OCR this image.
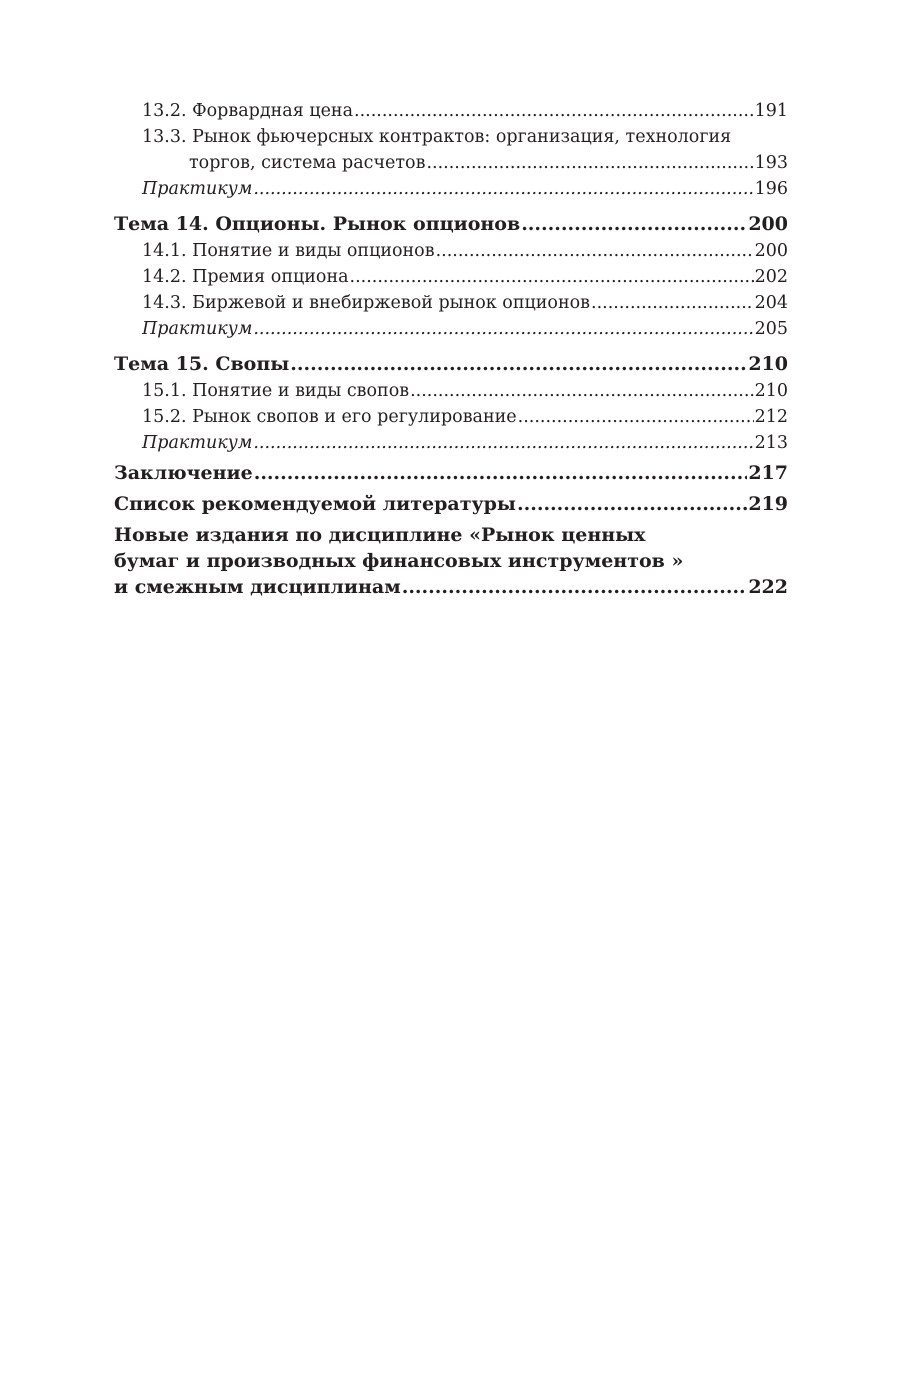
13.2. Форвардная цена .....	191
13.3. Рынок фьючерсных контрактов: организация, технология
торгов, система расчетов .....	193
Практикум .....	196
Тема 14. Опционы. Рынок опционов .....	200
14.1. Понятие и виды опционов .....	200
14.2. Премия опциона .....	202
14.3. Биржевой и внебиржевой рынок опционов .....	204
Практикум .....	205
Тема 15. Свопы .....	210
15.1. Понятие и виды свопов .....	210
15.2. Рынок свопов и его регулирование .....	212
Практикум .....	213
Заключение .....	217
Список рекомендуемой литературы .....	219
Новые издания по дисциплине «Рынок ценных
бумаг и производных финансовых инструментов »
и смежным дисциплинам .....	222
